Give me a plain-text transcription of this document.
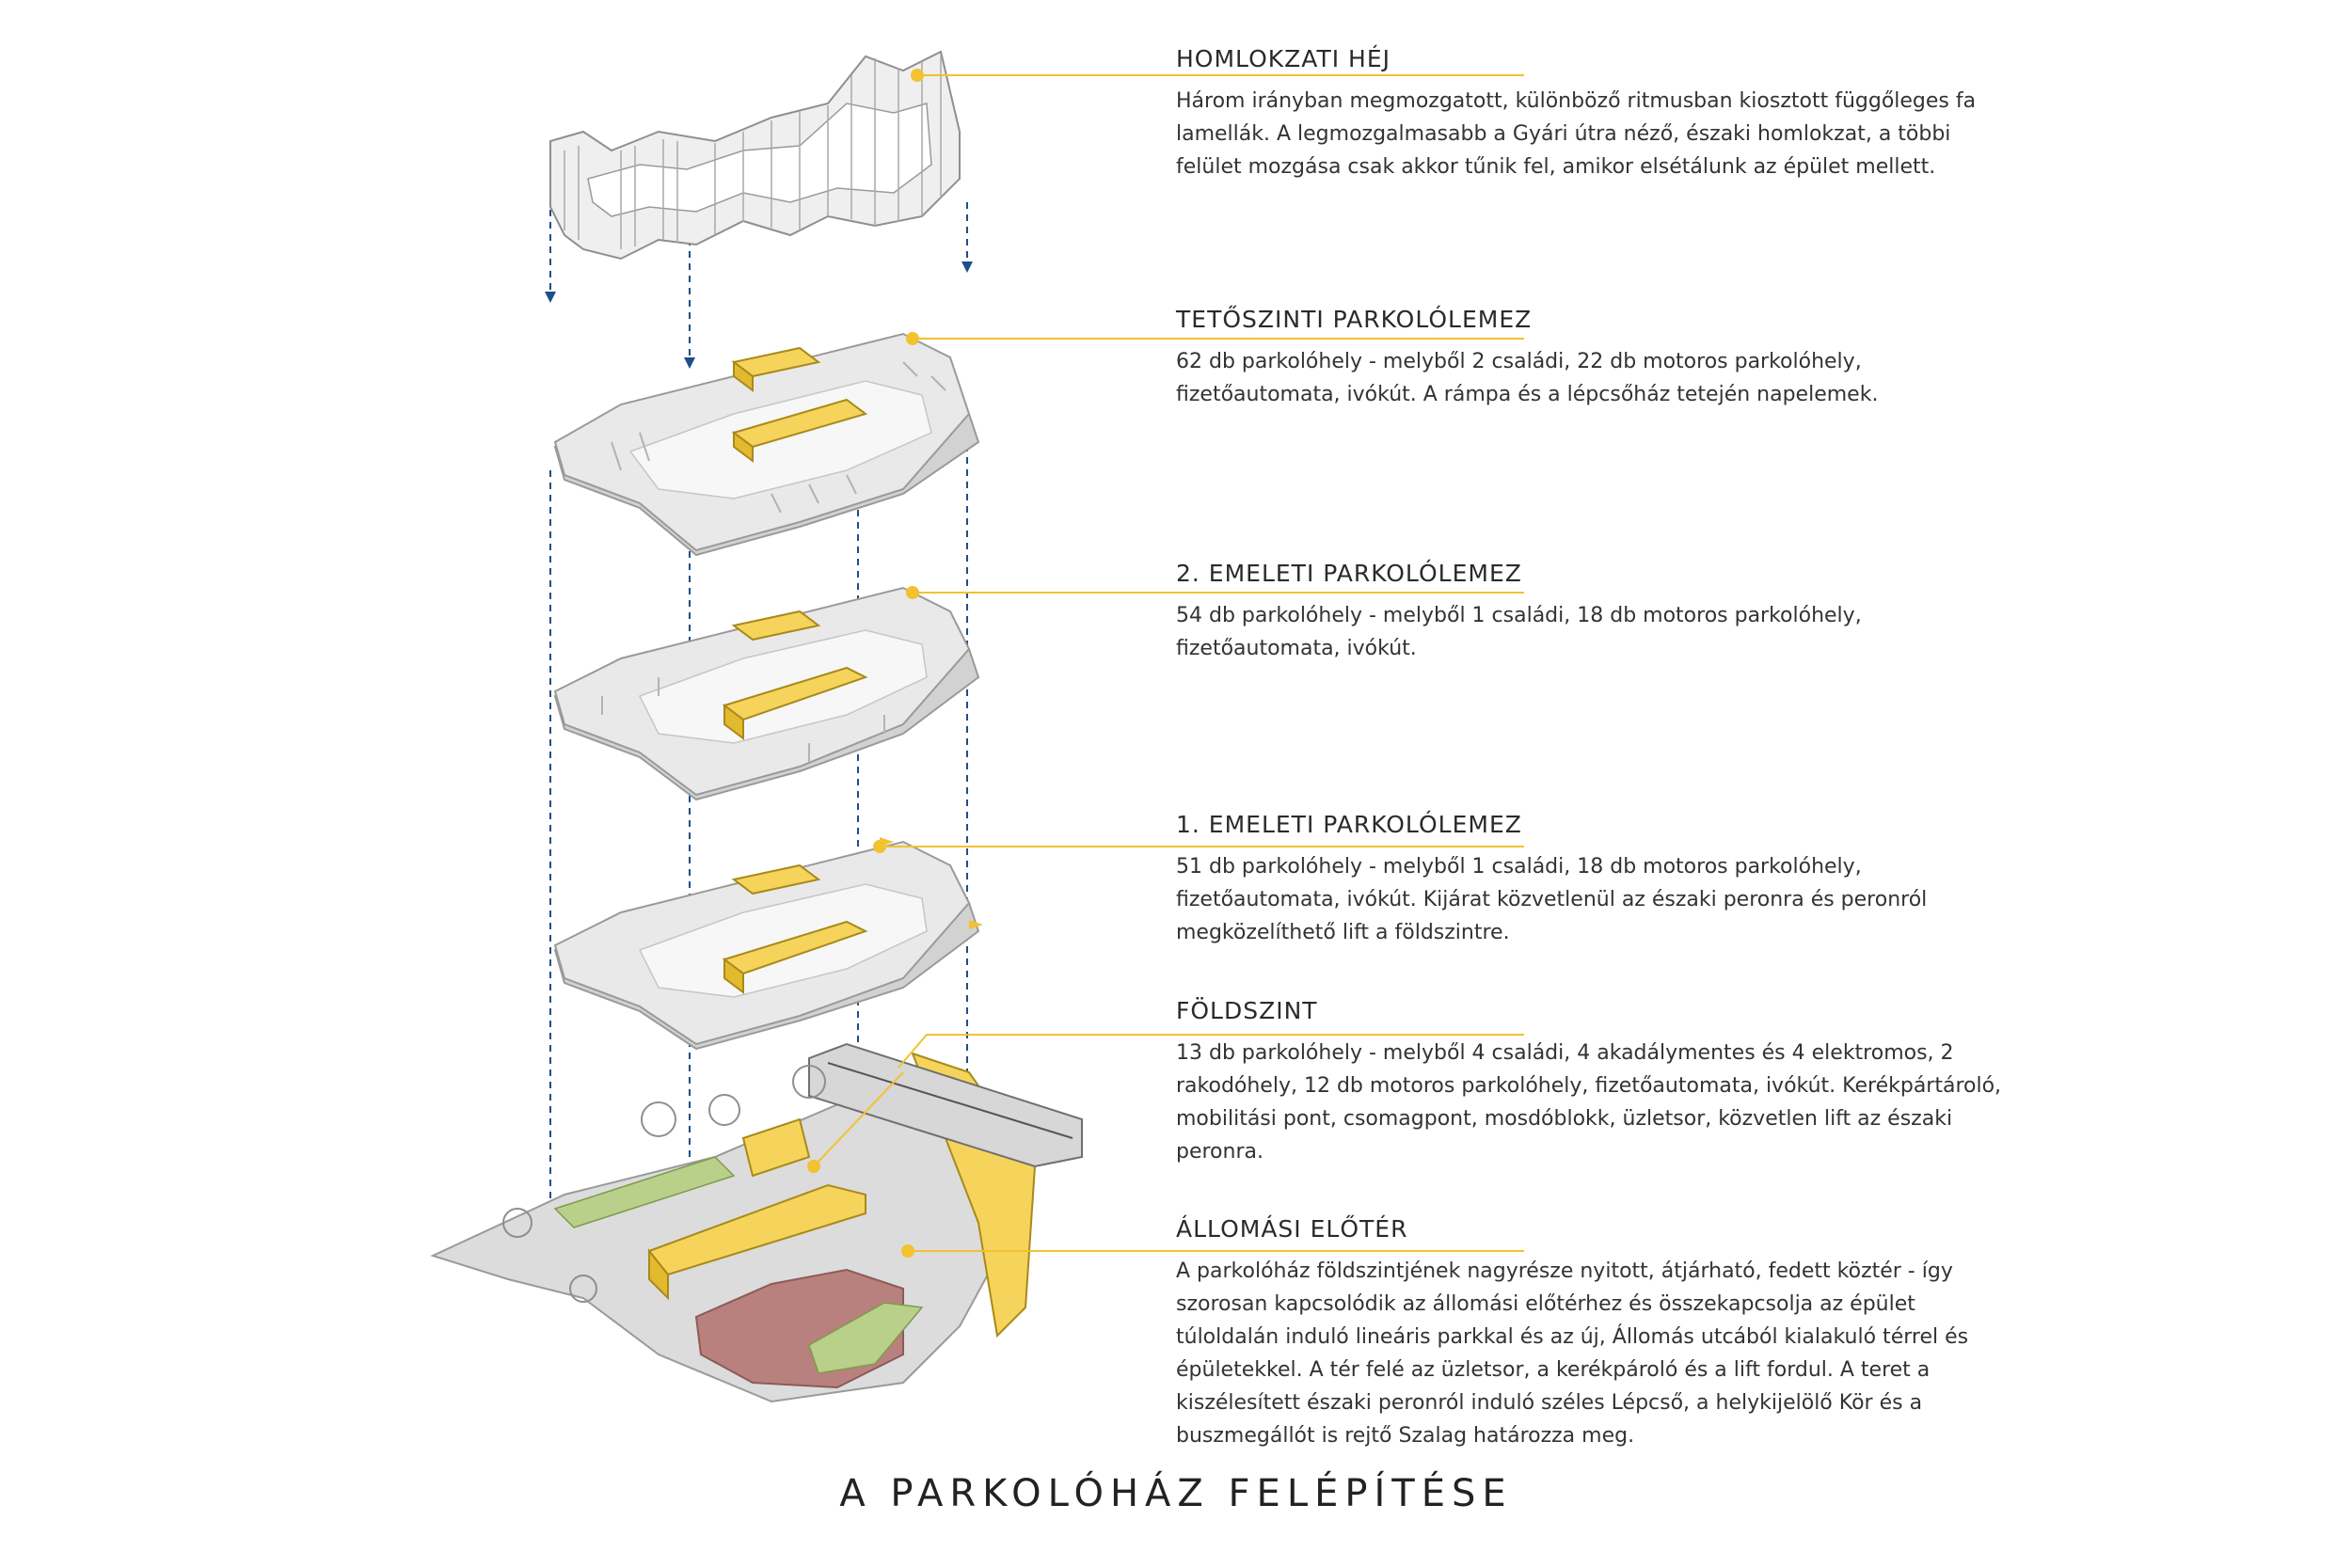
HOMLOKZATI HÉJ

Három irányban megmozgatott, különböző ritmusban kiosztott függőleges fa lamellák. A legmozgalmasabb a Gyári útra néző, északi homlokzat, a többi felület mozgása csak akkor tűnik fel, amikor elsétálunk az épület mellett.

TETŐSZINTI PARKOLÓLEMEZ

62 db parkolóhely - melyből 2 családi, 22 db motoros parkolóhely, fizetőautomata, ivókút. A rámpa és a lépcsőház tetején napelemek.

2. EMELETI PARKOLÓLEMEZ

54 db parkolóhely - melyből 1 családi, 18 db motoros parkolóhely, fizetőautomata, ivókút.

1. EMELETI PARKOLÓLEMEZ

51 db parkolóhely - melyből 1 családi, 18 db motoros parkolóhely, fizetőautomata, ivókút. Kijárat közvetlenül az északi peronra és peronról megközelíthető lift a földszintre.

FÖLDSZINT

13 db parkolóhely - melyből 4 családi, 4 akadálymentes és 4 elektromos, 2 rakodóhely, 12 db motoros parkolóhely, fizetőautomata, ivókút. Kerékpártároló, mobilitási pont, csomagpont, mosdóblokk, üzletsor, közvetlen lift az északi peronra.

ÁLLOMÁSI ELŐTÉR

A parkolóház földszintjének nagyrésze nyitott, átjárható, fedett köztér - így szorosan kapcsolódik az állomási előtérhez és összekapcsolja az épület túloldalán induló lineáris parkkal és az új, Állomás utcából kialakuló térrel és épületekkel. A tér felé az üzletsor, a kerékpároló és a lift fordul. A teret a kiszélesített északi peronról induló széles Lépcső, a helykijelölő Kör és a buszmegállót is rejtő Szalag határozza meg.

A PARKOLÓHÁZ FELÉPÍTÉSE
